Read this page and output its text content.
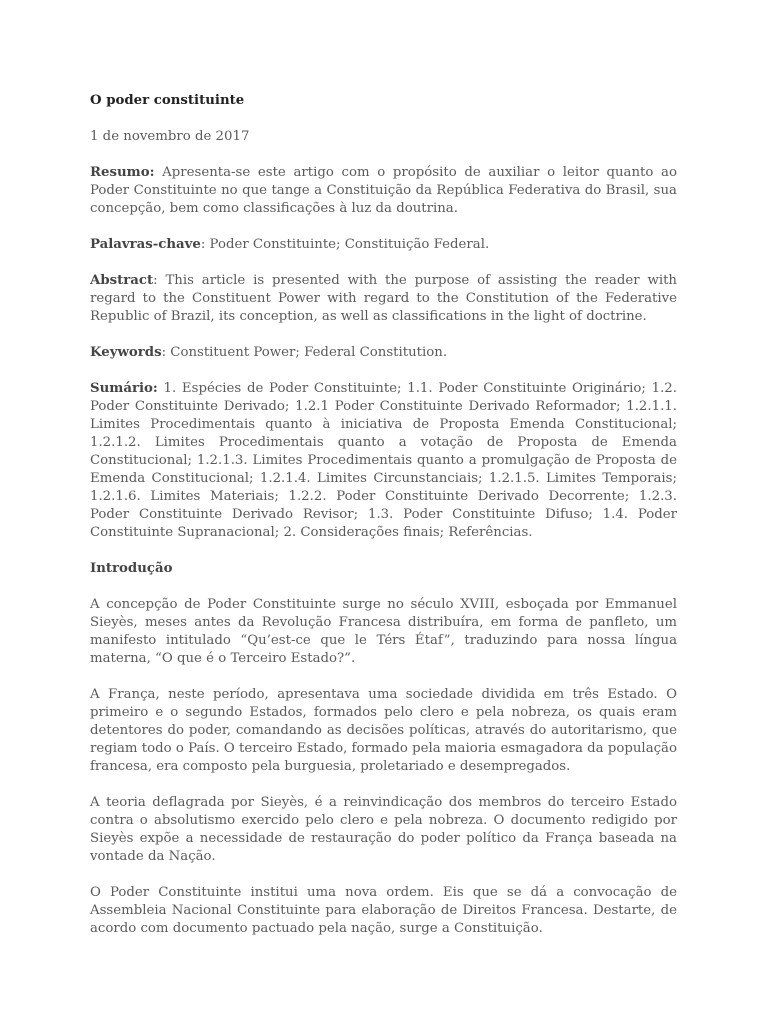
O poder constituinte

1 de novembro de 2017

Resumo: Apresenta-se este artigo com o propósito de auxiliar o leitor quanto ao Poder Constituinte no que tange a Constituição da República Federativa do Brasil, sua concepção, bem como classificações à luz da doutrina.

Palavras-chave: Poder Constituinte; Constituição Federal.

Abstract: This article is presented with the purpose of assisting the reader with regard to the Constituent Power with regard to the Constitution of the Federative Republic of Brazil, its conception, as well as classifications in the light of doctrine.

Keywords: Constituent Power; Federal Constitution.

Sumário: 1. Espécies de Poder Constituinte; 1.1. Poder Constituinte Originário; 1.2. Poder Constituinte Derivado; 1.2.1 Poder Constituinte Derivado Reformador; 1.2.1.1. Limites Procedimentais quanto à iniciativa de Proposta Emenda Constitucional; 1.2.1.2. Limites Procedimentais quanto a votação de Proposta de Emenda Constitucional; 1.2.1.3. Limites Procedimentais quanto a promulgação de Proposta de Emenda Constitucional; 1.2.1.4. Limites Circunstanciais; 1.2.1.5. Limites Temporais; 1.2.1.6. Limites Materiais; 1.2.2. Poder Constituinte Derivado Decorrente; 1.2.3. Poder Constituinte Derivado Revisor; 1.3. Poder Constituinte Difuso; 1.4. Poder Constituinte Supranacional; 2. Considerações finais; Referências.

Introdução

A concepção de Poder Constituinte surge no século XVIII, esboçada por Emmanuel Sieyès, meses antes da Revolução Francesa distribuíra, em forma de panfleto, um manifesto intitulado “Qu’est-ce que le Térs Étaf”, traduzindo para nossa língua materna, “O que é o Terceiro Estado?”.

A França, neste período, apresentava uma sociedade dividida em três Estado. O primeiro e o segundo Estados, formados pelo clero e pela nobreza, os quais eram detentores do poder, comandando as decisões políticas, através do autoritarismo, que regiam todo o País. O terceiro Estado, formado pela maioria esmagadora da população francesa, era composto pela burguesia, proletariado e desempregados.

A teoria deflagrada por Sieyès, é a reinvindicação dos membros do terceiro Estado contra o absolutismo exercido pelo clero e pela nobreza. O documento redigido por Sieyès expõe a necessidade de restauração do poder político da França baseada na vontade da Nação.

O Poder Constituinte institui uma nova ordem. Eis que se dá a convocação de Assembleia Nacional Constituinte para elaboração de Direitos Francesa. Destarte, de acordo com documento pactuado pela nação, surge a Constituição.
